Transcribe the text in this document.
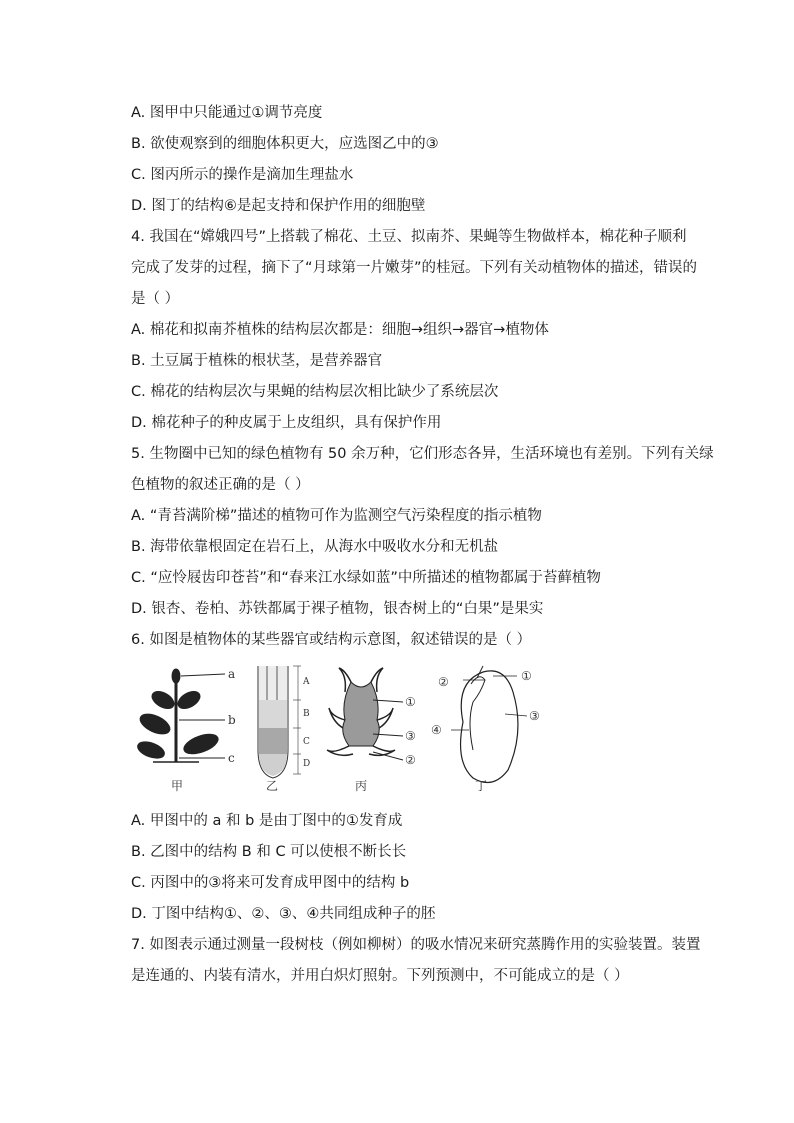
A. 图甲中只能通过①调节亮度
B. 欲使观察到的细胞体积更大，应选图乙中的③
C. 图丙所示的操作是滴加生理盐水
D. 图丁的结构⑥是起支持和保护作用的细胞壁
4. 我国在“嫦娥四号”上搭载了棉花、土豆、拟南芥、果蝇等生物做样本，棉花种子顺利
完成了发芽的过程，摘下了“月球第一片嫩芽”的桂冠。下列有关动植物体的描述，错误的
是（ ）
A. 棉花和拟南芥植株的结构层次都是：细胞→组织→器官→植物体
B. 土豆属于植株的根状茎，是营养器官
C. 棉花的结构层次与果蝇的结构层次相比缺少了系统层次
D. 棉花种子的种皮属于上皮组织，具有保护作用
5. 生物圈中已知的绿色植物有 50 余万种，它们形态各异，生活环境也有差别。下列有关绿
色植物的叙述正确的是（ ）
A. “青苔满阶梯”描述的植物可作为监测空气污染程度的指示植物
B. 海带依靠根固定在岩石上，从海水中吸收水分和无机盐
C. “应怜屐齿印苍苔”和“春来江水绿如蓝”中所描述的植物都属于苔藓植物
D. 银杏、卷柏、苏铁都属于裸子植物，银杏树上的“白果”是果实
6. 如图是植物体的某些器官或结构示意图，叙述错误的是（ ）
a
b
c
甲
A
B
C
D
乙
①
③
②
丙
②	①
④
③
丁
A. 甲图中的 a 和 b 是由丁图中的①发育成
B. 乙图中的结构 B 和 C 可以使根不断长长
C. 丙图中的③将来可发育成甲图中的结构 b
D. 丁图中结构①、②、③、④共同组成种子的胚
7. 如图表示通过测量一段树枝（例如柳树）的吸水情况来研究蒸腾作用的实验装置。装置
是连通的、内装有清水，并用白炽灯照射。下列预测中，不可能成立的是（ ）
